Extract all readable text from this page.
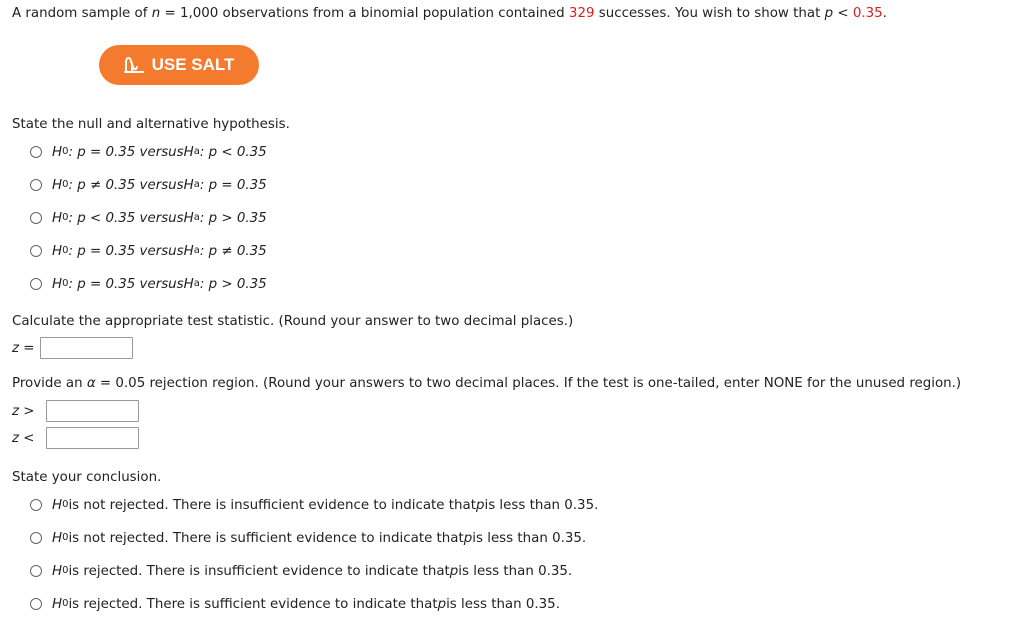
A random sample of n = 1,000 observations from a binomial population contained 329 successes. You wish to show that p < 0.35.
USE SALT
State the null and alternative hypothesis.
H 0 : p = 0.35 versus H a : p < 0.35
H 0 : p ≠ 0.35 versus H a : p = 0.35
H 0 : p < 0.35 versus H a : p > 0.35
H 0 : p = 0.35 versus H a : p ≠ 0.35
H 0 : p = 0.35 versus H a : p > 0.35
Calculate the appropriate test statistic. (Round your answer to two decimal places.)
z =
Provide an α = 0.05 rejection region. (Round your answers to two decimal places. If the test is one-tailed, enter NONE for the unused region.)
z >
z <
State your conclusion.
H 0 is not rejected. There is insufficient evidence to indicate that p is less than 0.35.
H 0 is not rejected. There is sufficient evidence to indicate that p is less than 0.35.
H 0 is rejected. There is insufficient evidence to indicate that p is less than 0.35.
H 0 is rejected. There is sufficient evidence to indicate that p is less than 0.35.
